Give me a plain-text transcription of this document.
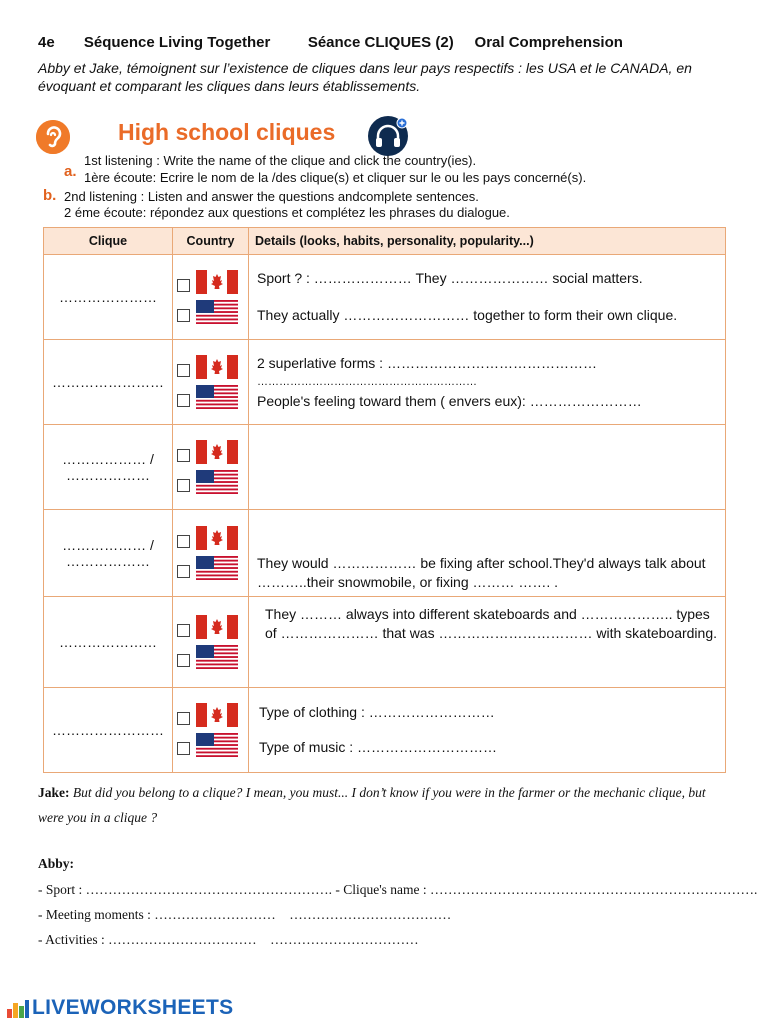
4e Séquence Living Together	Séance CLIQUES (2) Oral Comprehension
Abby et Jake, témoignent sur l’existence de cliques dans leur pays respectifs : les USA et le CANADA, en évoquant et comparant les cliques dans leurs établissements.
High school cliques
1st listening : Write the name of the clique and click the country(ies).
a. 1ère écoute: Ecrire le nom de la /des clique(s) et cliquer sur le ou les pays concerné(s).
b. 2nd listening : Listen and answer the questions andcomplete sentences.
2 éme écoute: répondez aux questions et complétez les phrases du dialogue.
Clique	Country	Details (looks, habits, personality, popularity...)
…………………		Sport ? : ………………… They ………………… social matters.
They actually ……………………… together to form their own clique.

……………………		2 superlative forms : ………………………………………
……………………………………………………
People's feeling toward them ( envers eux): ……………………

……………… / ………………	

……………… / ………………		They would ……………… be fixing after school.They'd always talk about ………..their snowmobile, or fixing ……… ……. .

…………………		They ……… always into different skateboards and ……………….. types of ………………… that was …………………………… with skateboarding.

……………………		Type of clothing : ………………………
Type of music : …………………………
Jake: But did you belong to a clique? I mean, you must... I don’t know if you were in the farmer or the mechanic clique, but were you in a clique ?
Abby:
- Sport : ………………………………………………. - Clique's name : ……………………………………………………………….
- Meeting moments : ………………………    ………………………………
- Activities : ……………………………    ……………………………
LIVEWORKSHEETS
